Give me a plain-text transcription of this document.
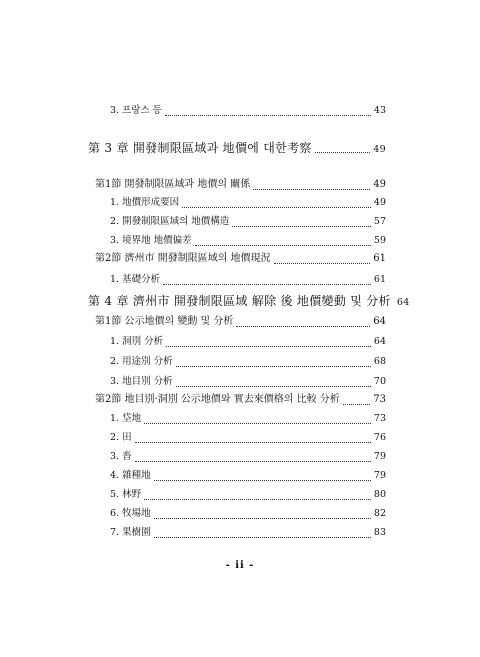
3. 프랑스 등	43
第 3 章 開發制限區域과 地價에 대한考察	49
第1節 開發制限區域과 地價의 關係	49
1. 地價形成要因	49
2. 開發制限區域의 地價構造	57
3. 境界地 地價偏差	59
第2節 濟州市 開發制限區域의 地價現況	61
1. 基礎分析	61
第 4 章 濟州市 開發制限區域 解除 後 地價變動 및 分析 64
第1節 公示地價의 變動 및 分析	64
1. 洞別 分析	64
2. 用途別 分析	68
3. 地目別 分析	70
第2節 地目別·洞別 公示地價와 實去來價格의 比較 分析	73
1. 垈地	73
2. 田	76
3. 沓	79
4. 雜種地	79
5. 林野	80
6. 牧場地	82
7. 果樹園	83
- ii -
